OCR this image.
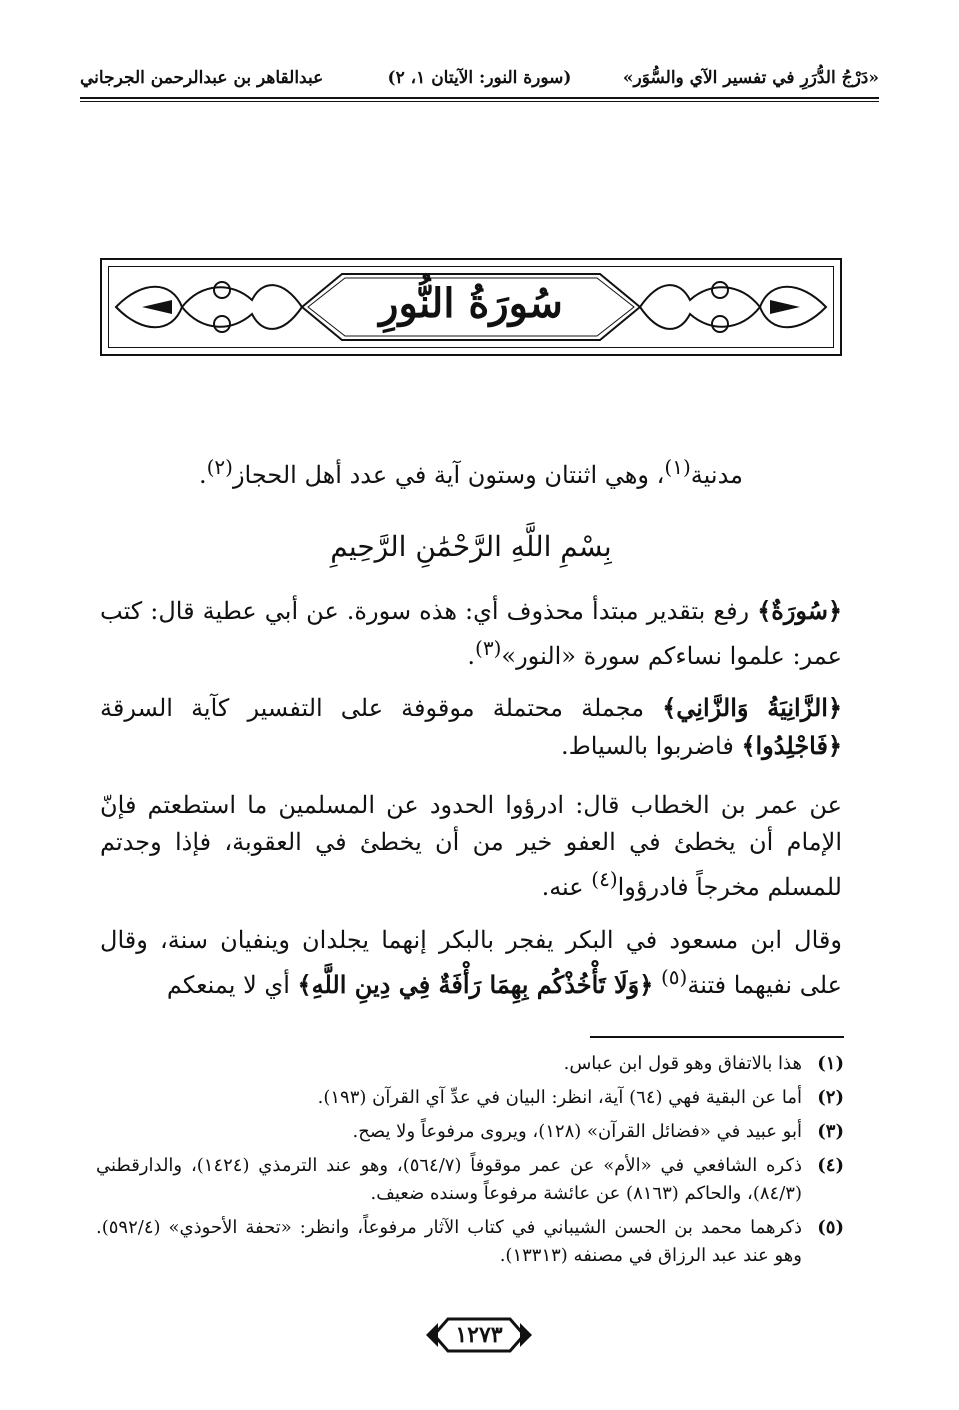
«دَرْجُ الدُّرَرِ في تفسير الآي والسُّوَر»
(سورة النور: الآيتان ١، ٢)
عبدالقاهر بن عبدالرحمن الجرجاني
سُورَةُ النُّورِ
مدنية$^{(١)}$، وهي اثنتان وستون آية في عدد أهل الحجاز$^{(٢)}$.
بِسْمِ اللَّهِ الرَّحْمَٰنِ الرَّحِيمِ
﴿سُورَةٌ﴾ رفع بتقدير مبتدأ محذوف أي: هذه سورة. عن أبي عطية قال: كتب عمر: علموا نساءكم سورة «النور»$^{(٣)}$.
﴿الزَّانِيَةُ وَالزَّانِي﴾ مجملة محتملة موقوفة على التفسير كآية السرقة ﴿فَاجْلِدُوا﴾ فاضربوا بالسياط.
عن عمر بن الخطاب قال: ادرؤوا الحدود عن المسلمين ما استطعتم فإنّ الإمام أن يخطئ في العفو خير من أن يخطئ في العقوبة، فإذا وجدتم للمسلم مخرجاً فادرؤوا$^{(٤)}$ عنه.
وقال ابن مسعود في البكر يفجر بالبكر إنهما يجلدان وينفيان سنة، وقال على نفيهما فتنة$^{(٥)}$ ﴿وَلَا تَأْخُذْكُم بِهِمَا رَأْفَةٌ فِي دِينِ اللَّهِ﴾ أي لا يمنعكم
(١)
هذا بالاتفاق وهو قول ابن عباس.
(٢)
أما عن البقية فهي (٦٤) آية، انظر: البيان في عدِّ آي القرآن (١٩٣).
(٣)
أبو عبيد في «فضائل القرآن» (١٢٨)، ويروى مرفوعاً ولا يصح.
(٤)
ذكره الشافعي في «الأم» عن عمر موقوفاً (٥٦٤/٧)، وهو عند الترمذي (١٤٢٤)، والدارقطني (٨٤/٣)، والحاكم (٨١٦٣) عن عائشة مرفوعاً وسنده ضعيف.
(٥)
ذكرهما محمد بن الحسن الشيباني في كتاب الآثار مرفوعاً، وانظر: «تحفة الأحوذي» (٥٩٢/٤). وهو عند عبد الرزاق في مصنفه (١٣٣١٣).
١٢٧٣
